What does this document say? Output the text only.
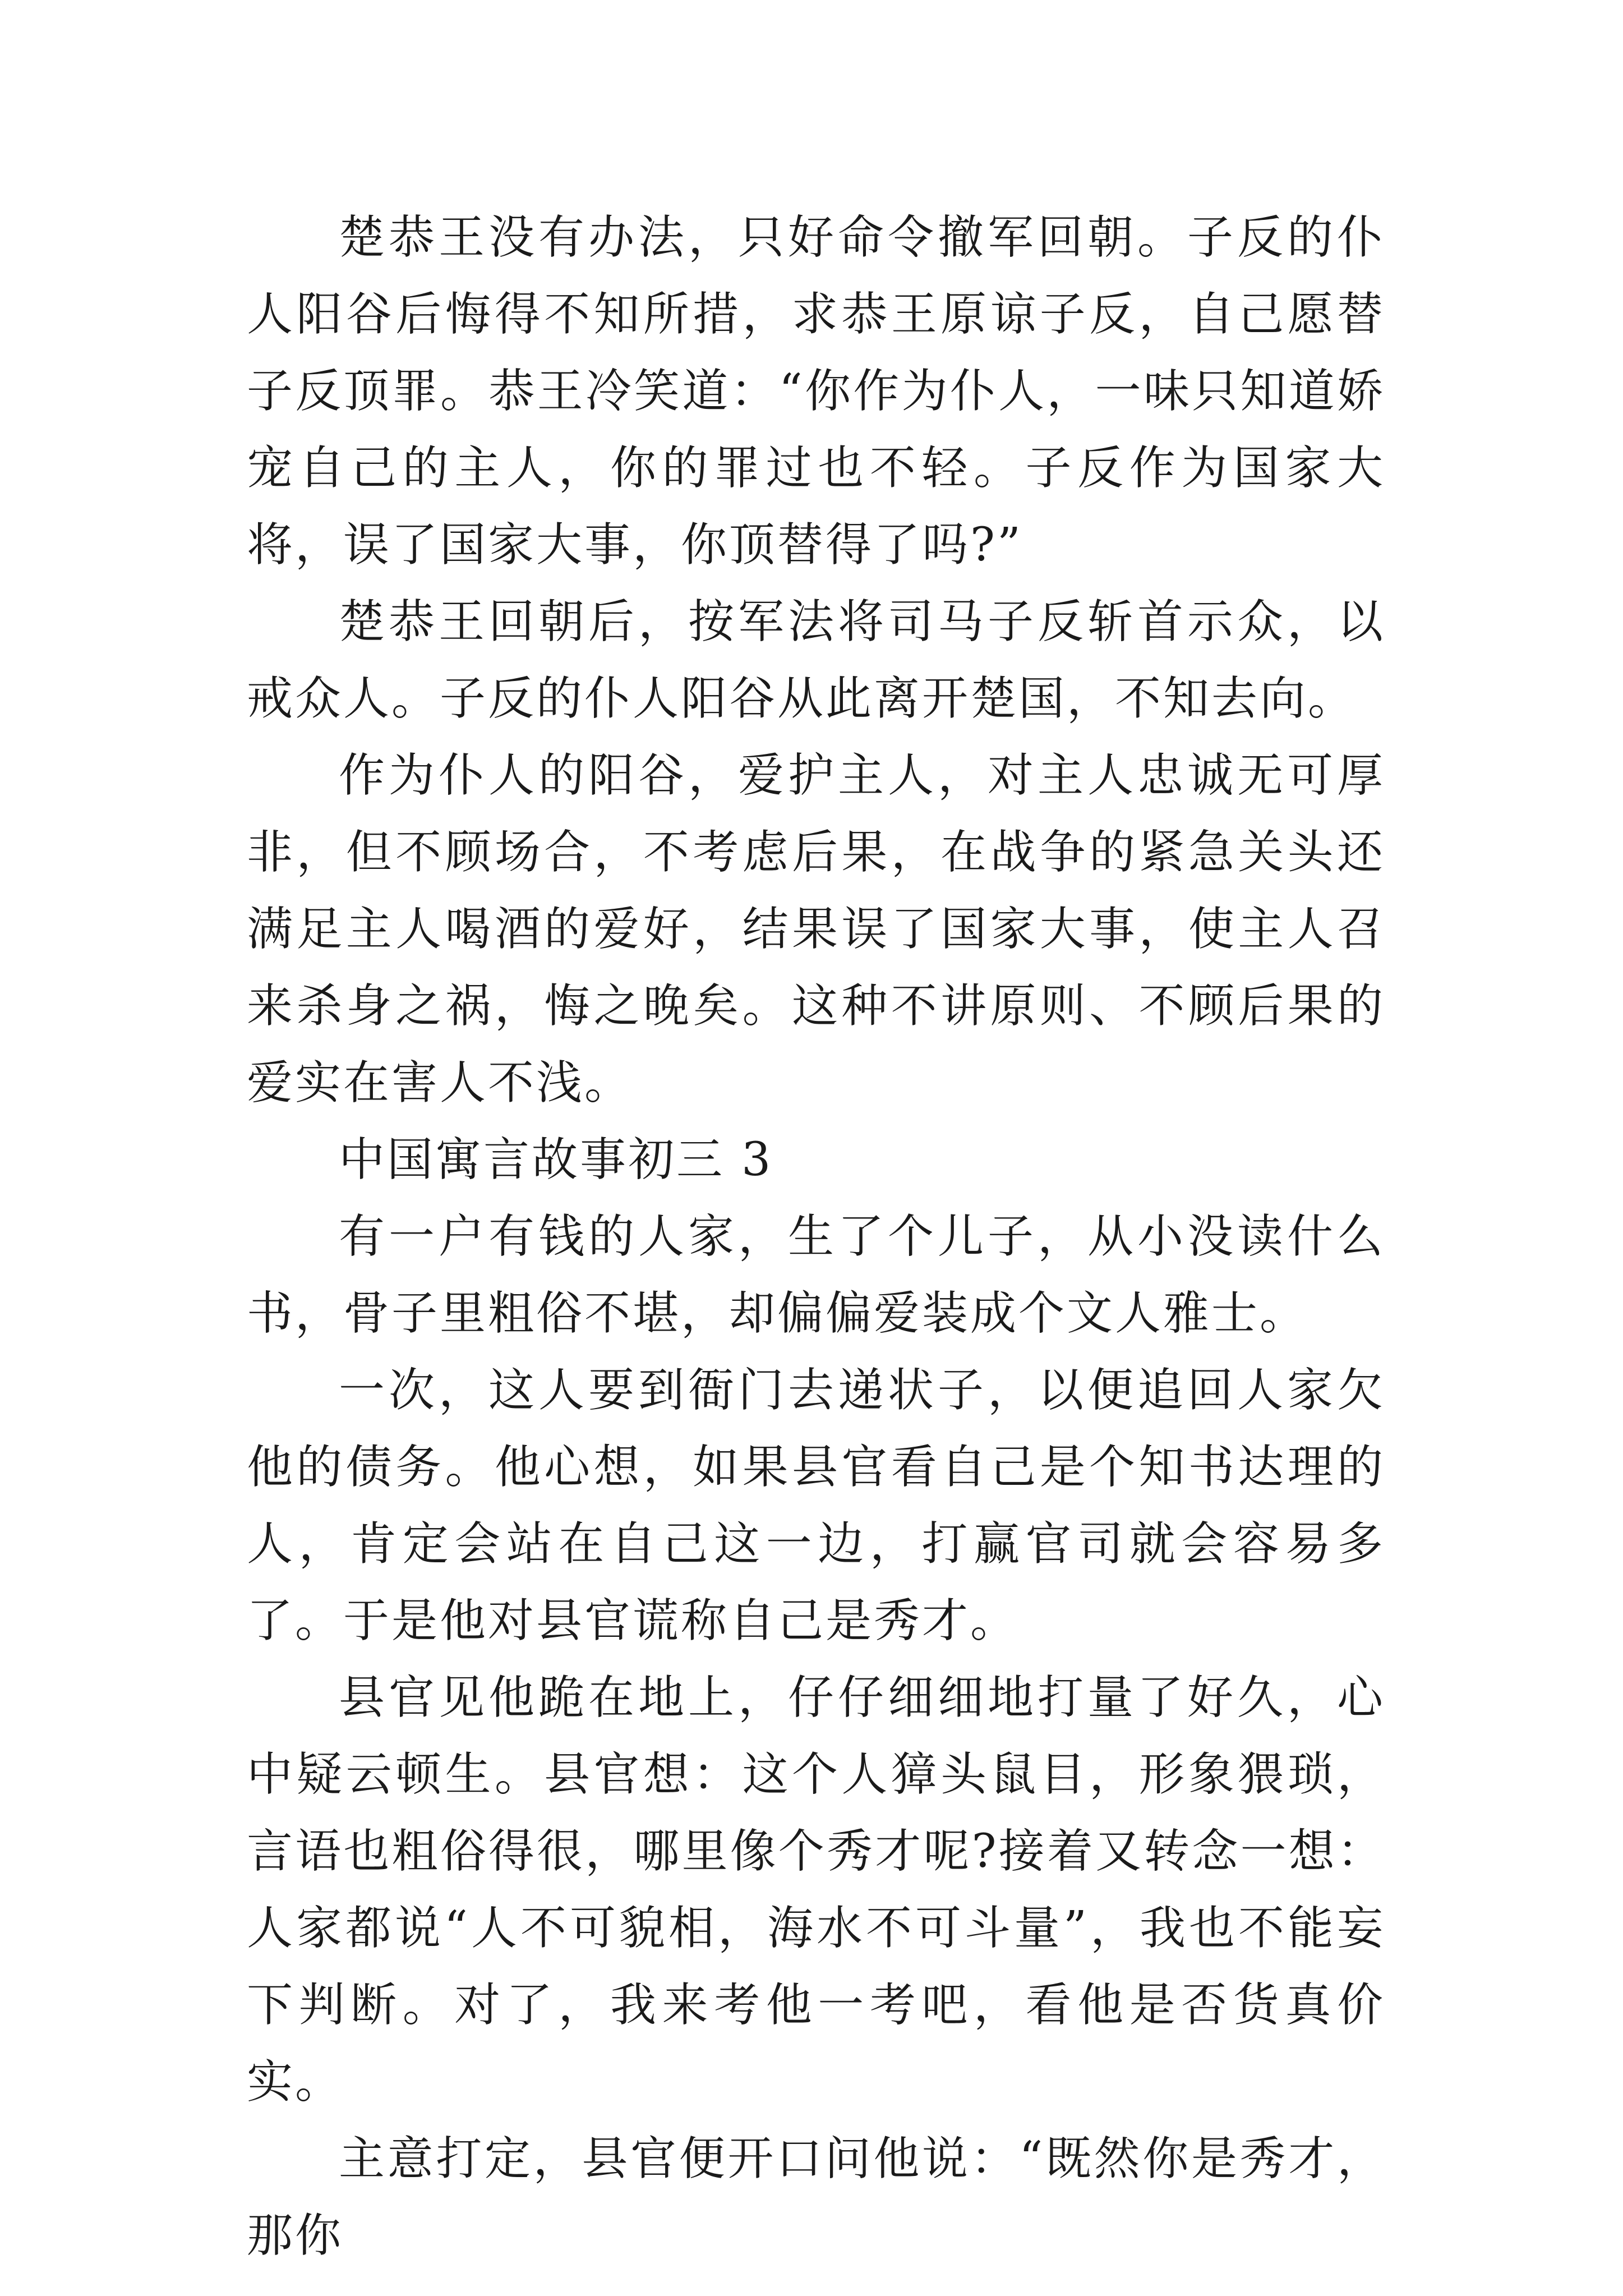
楚恭王没有办法，只好命令撤军回朝。子反的仆人阳谷后悔得不知所措，求恭王原谅子反，自己愿替子反顶罪。恭王冷笑道：“你作为仆人，一味只知道娇宠自己的主人，你的罪过也不轻。子反作为国家大将，误了国家大事，你顶替得了吗?”

楚恭王回朝后，按军法将司马子反斩首示众，以戒众人。子反的仆人阳谷从此离开楚国，不知去向。

作为仆人的阳谷，爱护主人，对主人忠诚无可厚非，但不顾场合，不考虑后果，在战争的紧急关头还满足主人喝酒的爱好，结果误了国家大事，使主人召来杀身之祸，悔之晚矣。这种不讲原则、不顾后果的爱实在害人不浅。

中国寓言故事初三 3

有一户有钱的人家，生了个儿子，从小没读什么书，骨子里粗俗不堪，却偏偏爱装成个文人雅士。

一次，这人要到衙门去递状子，以便追回人家欠他的债务。他心想，如果县官看自己是个知书达理的人，肯定会站在自己这一边，打赢官司就会容易多了。于是他对县官谎称自己是秀才。

县官见他跪在地上，仔仔细细地打量了好久，心中疑云顿生。县官想：这个人獐头鼠目，形象猥琐，言语也粗俗得很，哪里像个秀才呢?接着又转念一想：人家都说“人不可貌相，海水不可斗量”，我也不能妄下判断。对了，我来考他一考吧，看他是否货真价实。

主意打定，县官便开口问他说：“既然你是秀才，那你
